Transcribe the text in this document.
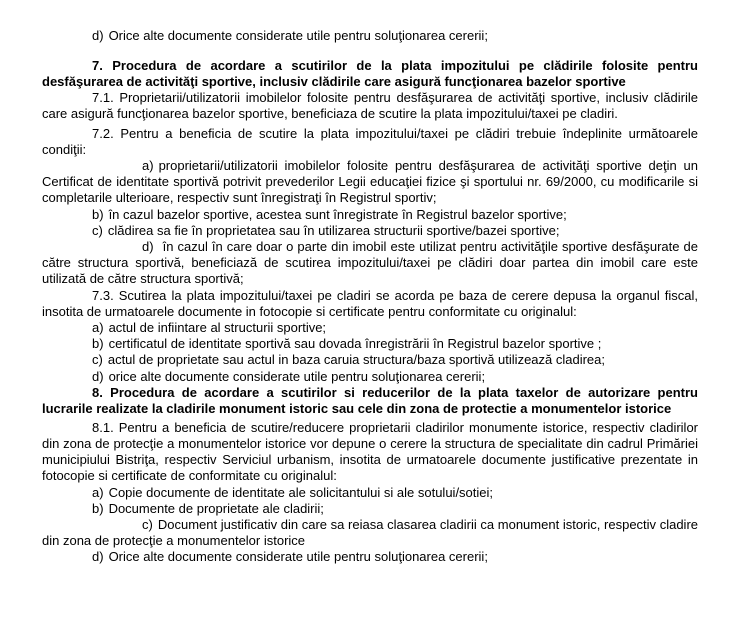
d) Orice alte documente considerate utile pentru soluţionarea cererii;

7. Procedura de acordare a scutirilor de la plata impozitului pe clădirile folosite pentru desfăşurarea de activităţi sportive, inclusiv clădirile care asigură funcţionarea bazelor sportive

7.1. Proprietarii/utilizatorii imobilelor folosite pentru desfăşurarea de activităţi sportive, inclusiv clădirile care asigură funcţionarea bazelor sportive, beneficiaza de scutire la plata impozitului/taxei pe cladiri.

7.2. Pentru a beneficia de scutire la plata impozitului/taxei pe clădiri trebuie îndeplinite următoarele condiţii:

a) proprietarii/utilizatorii imobilelor folosite pentru desfăşurarea de activităţi sportive deţin un Certificat de identitate sportivă potrivit prevederilor Legii educaţiei fizice şi sportului nr. 69/2000, cu modificarile si completarile ulterioare, respectiv sunt înregistraţi în Registrul sportiv;

b) în cazul bazelor sportive, acestea sunt înregistrate în Registrul bazelor sportive;

c) clădirea sa fie în proprietatea sau în utilizarea structurii sportive/bazei sportive;

d) în cazul în care doar o parte din imobil este utilizat pentru activităţile sportive desfăşurate de către structura sportivă, beneficiază de scutirea impozitului/taxei pe clădiri doar partea din imobil care este utilizată de către structura sportivă;

7.3. Scutirea la plata impozitului/taxei pe cladiri se acorda pe baza de cerere depusa la organul fiscal, insotita de urmatoarele documente in fotocopie si certificate pentru conformitate cu originalul:

a) actul de infiintare al structurii sportive;

b) certificatul de identitate sportivă sau dovada înregistrării în Registrul bazelor sportive ;

c) actul de proprietate sau actul in baza caruia structura/baza sportivă utilizează cladirea;

d) orice alte documente considerate utile pentru soluţionarea cererii;

8. Procedura de acordare a scutirilor si reducerilor de la plata taxelor de autorizare pentru lucrarile realizate la cladirile monument istoric sau cele din zona de protectie a monumentelor istorice

8.1. Pentru a beneficia de scutire/reducere proprietarii cladirilor monumente istorice, respectiv cladirilor din zona de protecţie a monumentelor istorice vor depune o cerere la structura de specialitate din cadrul Primăriei municipiului Bistriţa, respectiv Serviciul urbanism, insotita de urmatoarele documente justificative prezentate in fotocopie si certificate de conformitate cu originalul:

a) Copie documente de identitate ale solicitantului si ale sotului/sotiei;

b) Documente de proprietate ale cladirii;

c) Document justificativ din care sa reiasa clasarea cladirii ca monument istoric, respectiv cladire din zona de protecţie a monumentelor istorice

d) Orice alte documente considerate utile pentru soluţionarea cererii;
